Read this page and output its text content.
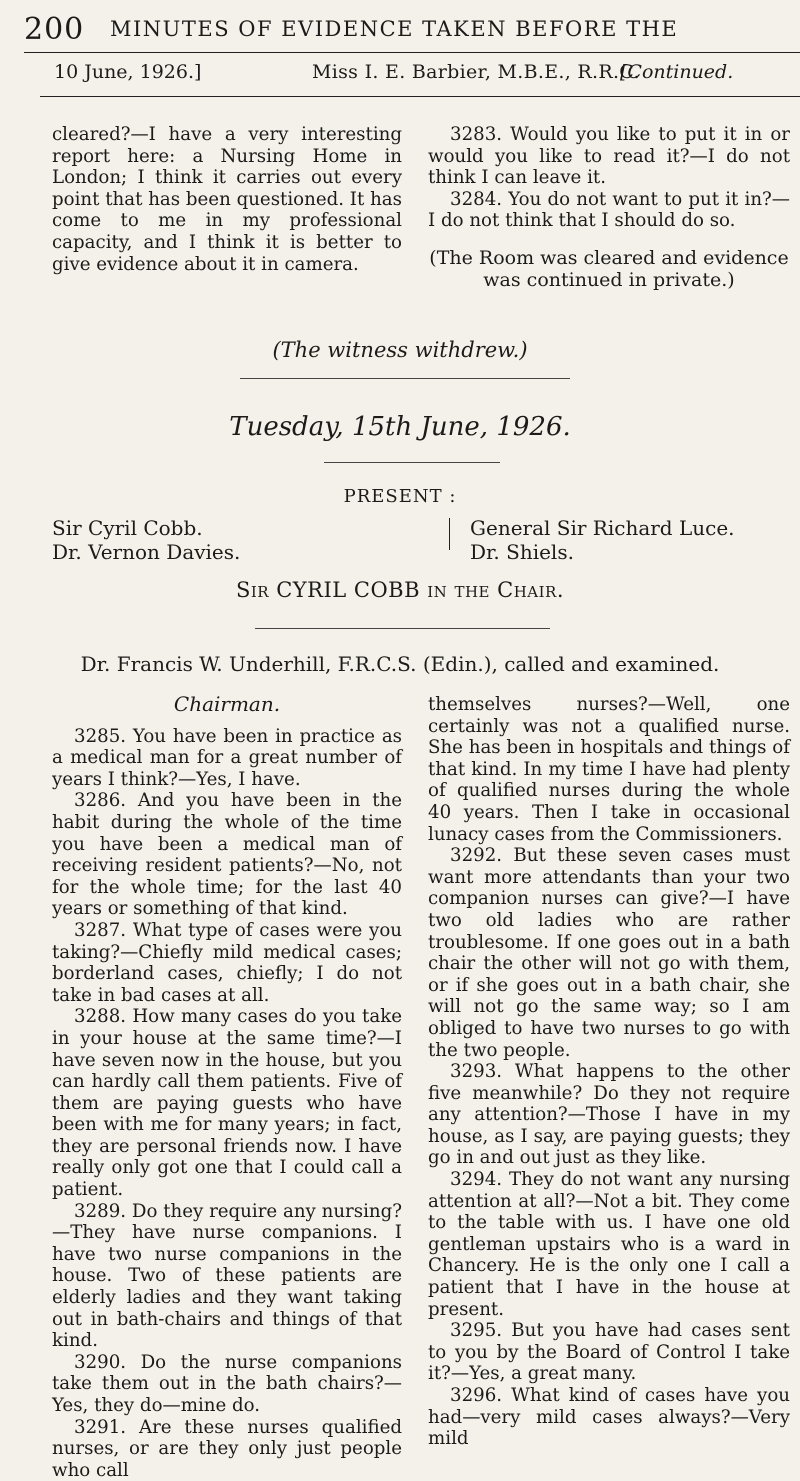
200 MINUTES OF EVIDENCE TAKEN BEFORE THE
10 June, 1926.]	Miss I. E. Barbier, M.B.E., R.R.C.
[Continued.

cleared?—I have a very interesting report here: a Nursing Home in London; I think it carries out every point that has been questioned. It has come to me in my professional capacity, and I think it is better to give evidence about it in camera.

3283. Would you like to put it in or would you like to read it?—I do not think I can leave it.

3284. You do not want to put it in?—I do not think that I should do so.

(The Room was cleared and evidence was continued in private.)

(The witness withdrew.)
Tuesday, 15th June, 1926.
PRESENT :
Sir Cyril Cobb.
Dr. Vernon Davies.
General Sir Richard Luce.
Dr. Shiels.
Sir CYRIL COBB in the Chair.
Dr. Francis W. Underhill, F.R.C.S. (Edin.), called and examined.

Chairman.

3285. You have been in practice as a medical man for a great number of years I think?—Yes, I have.

3286. And you have been in the habit during the whole of the time you have been a medical man of receiving resident patients?—No, not for the whole time; for the last 40 years or something of that kind.

3287. What type of cases were you taking?—Chiefly mild medical cases; borderland cases, chiefly; I do not take in bad cases at all.

3288. How many cases do you take in your house at the same time?—I have seven now in the house, but you can hardly call them patients. Five of them are paying guests who have been with me for many years; in fact, they are personal friends now. I have really only got one that I could call a patient.

3289. Do they require any nursing?—They have nurse companions. I have two nurse companions in the house. Two of these patients are elderly ladies and they want taking out in bath-chairs and things of that kind.

3290. Do the nurse companions take them out in the bath chairs?—Yes, they do—mine do.

3291. Are these nurses qualified nurses, or are they only just people who call

themselves nurses?—Well, one certainly was not a qualified nurse. She has been in hospitals and things of that kind. In my time I have had plenty of qualified nurses during the whole 40 years. Then I take in occasional lunacy cases from the Commissioners.

3292. But these seven cases must want more attendants than your two companion nurses can give?—I have two old ladies who are rather troublesome. If one goes out in a bath chair the other will not go with them, or if she goes out in a bath chair, she will not go the same way; so I am obliged to have two nurses to go with the two people.

3293. What happens to the other five meanwhile? Do they not require any attention?—Those I have in my house, as I say, are paying guests; they go in and out just as they like.

3294. They do not want any nursing attention at all?—Not a bit. They come to the table with us. I have one old gentleman upstairs who is a ward in Chancery. He is the only one I call a patient that I have in the house at present.

3295. But you have had cases sent to you by the Board of Control I take it?—Yes, a great many.

3296. What kind of cases have you had—very mild cases always?—Very mild
